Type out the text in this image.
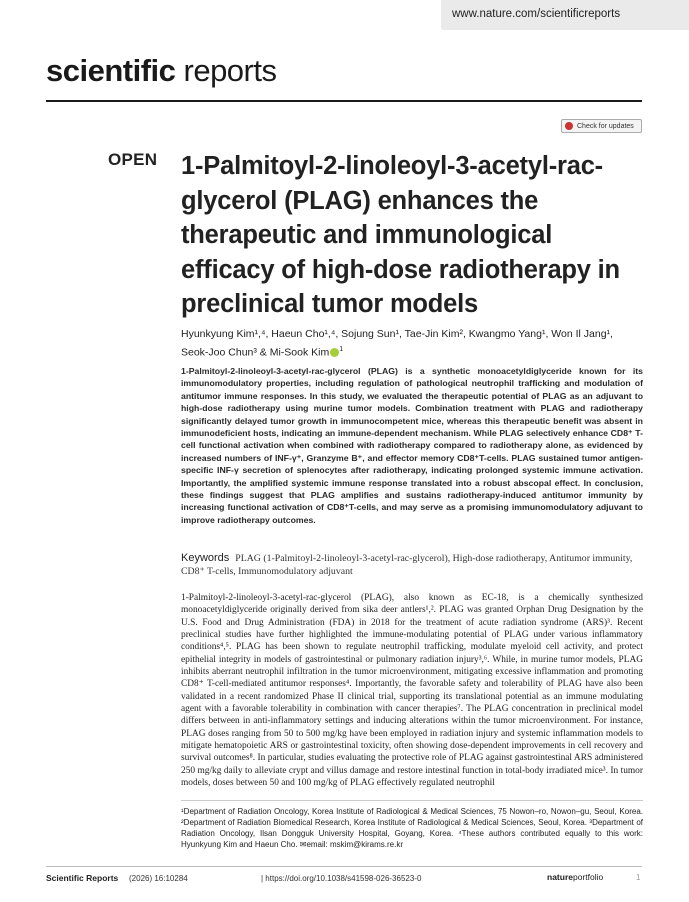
www.nature.com/scientificreports
scientific reports
Check for updates
OPEN 1-Palmitoyl-2-linoleoyl-3-acetyl-rac-glycerol (PLAG) enhances the therapeutic and immunological efficacy of high-dose radiotherapy in preclinical tumor models
Hyunkyung Kim¹,⁴, Haeun Cho¹,⁴, Sojung Sun¹, Tae-Jin Kim², Kwangmo Yang¹, Won Il Jang¹,
Seok-Joo Chun³ & Mi-Sook Kim $^1$

1-Palmitoyl-2-linoleoyl-3-acetyl-rac-glycerol (PLAG) is a synthetic monoacetyldiglyceride known for its immunomodulatory properties, including regulation of pathological neutrophil trafficking and modulation of antitumor immune responses. In this study, we evaluated the therapeutic potential of PLAG as an adjuvant to high-dose radiotherapy using murine tumor models. Combination treatment with PLAG and radiotherapy significantly delayed tumor growth in immunocompetent mice, whereas this therapeutic benefit was absent in immunodeficient hosts, indicating an immune-dependent mechanism. While PLAG selectively enhance CD8⁺ T-cell functional activation when combined with radiotherapy compared to radiotherapy alone, as evidenced by increased numbers of INF-γ⁺, Granzyme B⁺, and effector memory CD8⁺T-cells. PLAG sustained tumor antigen-specific INF-γ secretion of splenocytes after radiotherapy, indicating prolonged systemic immune activation. Importantly, the amplified systemic immune response translated into a robust abscopal effect. In conclusion, these findings suggest that PLAG amplifies and sustains radiotherapy-induced antitumor immunity by increasing functional activation of CD8⁺T-cells, and may serve as a promising immunomodulatory adjuvant to improve radiotherapy outcomes.

Keywords PLAG (1-Palmitoyl-2-linoleoyl-3-acetyl-rac-glycerol), High-dose radiotherapy, Antitumor immunity, CD8⁺ T-cells, Immunomodulatory adjuvant

1-Palmitoyl-2-linoleoyl-3-acetyl-rac-glycerol (PLAG), also known as EC-18, is a chemically synthesized monoacetyldiglyceride originally derived from sika deer antlers¹,². PLAG was granted Orphan Drug Designation by the U.S. Food and Drug Administration (FDA) in 2018 for the treatment of acute radiation syndrome (ARS)³. Recent preclinical studies have further highlighted the immune-modulating potential of PLAG under various inflammatory conditions⁴,⁵. PLAG has been shown to regulate neutrophil trafficking, modulate myeloid cell activity, and protect epithelial integrity in models of gastrointestinal or pulmonary radiation injury³,⁶. While, in murine tumor models, PLAG inhibits aberrant neutrophil infiltration in the tumor microenvironment, mitigating excessive inflammation and promoting CD8⁺ T-cell-mediated antitumor responses⁴. Importantly, the favorable safety and tolerability of PLAG have also been validated in a recent randomized Phase II clinical trial, supporting its translational potential as an immune modulating agent with a favorable tolerability in combination with cancer therapies⁷. The PLAG concentration in preclinical model differs between in anti-inflammatory settings and inducing alterations within the tumor microenvironment. For instance, PLAG doses ranging from 50 to 500 mg/kg have been employed in radiation injury and systemic inflammation models to mitigate hematopoietic ARS or gastrointestinal toxicity, often showing dose-dependent improvements in cell recovery and survival outcomes⁸. In particular, studies evaluating the protective role of PLAG against gastrointestinal ARS administered 250 mg/kg daily to alleviate crypt and villus damage and restore intestinal function in total-body irradiated mice³. In tumor models, doses between 50 and 100 mg/kg of PLAG effectively regulated neutrophil

¹Department of Radiation Oncology, Korea Institute of Radiological & Medical Sciences, 75 Nowon–ro, Nowon–gu, Seoul, Korea. ²Department of Radiation Biomedical Research, Korea Institute of Radiological & Medical Sciences, Seoul, Korea. ³Department of Radiation Oncology, Ilsan Dongguk University Hospital, Goyang, Korea. ⁴These authors contributed equally to this work: Hyunkyung Kim and Haeun Cho. ✉email: mskim@kirams.re.kr

Scientific Reports (2026) 16:10284	| https://doi.org/10.1038/s41598-026-36523-0	natureportfolio	1
